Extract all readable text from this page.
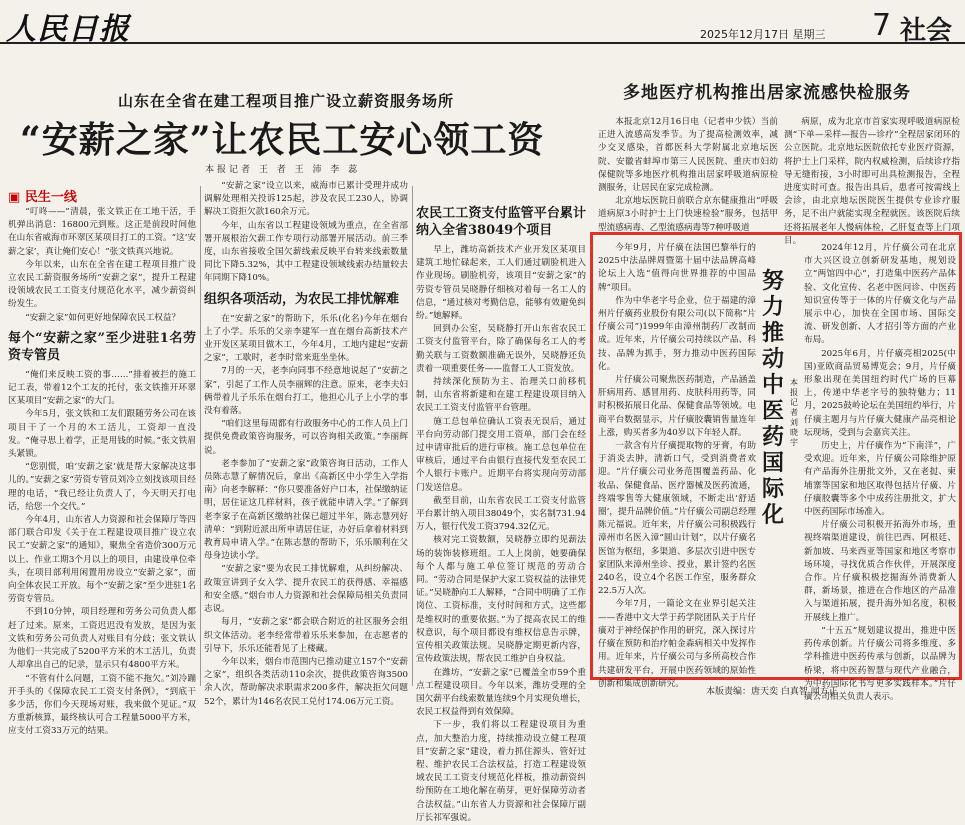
人民日报	2025年12月17日 星期三 7 社会
山东在全省在建工程项目推广设立薪资服务场所
“安薪之家”让农民工安心领工资
本报记者 王 者 王 沛 李 蕊
▣ 民生一线

“叮咚——”清晨，张文铁正在工地干活，手机弹出消息：16800元到账。这正是前段时间他在山东省威海市环翠区某项目打工的工资。“这‘安薪之家’，真让俺们安心！”张文铁真兴地说。

今年以来，山东在全省在建工程项目推广设立农民工薪资服务场所“安薪之家”，提升工程建设领域农民工工资支付规范化水平，减少薪资纠纷发生。

“安薪之家”如何更好地保障农民工权益？

每个“安薪之家”至少进驻1名劳资专管员

“俺们来反映工资的事……”排着被拦的施工记工表，带着12个工友的托付，张文铁推开环翠区某项目“安薪之家”的大门。

今年5月，张文铁和工友们跟随劳务公司在该项目干了一个月的木工活儿，工资却一直没发。“俺寻思上着学，正是用钱的时候。”张文铁眉头紧锁。

“您别慌，咱‘安薪之家’就是帮大家解决这事儿的。”安薪之家“劳资专管员刘冷立刻找该项目经理的电话，“我已经让负责人了，今天明天打电话，给您一个交代。”

今年4月，山东省人力资源和社会保障厅等四部门联合印发《关于在工程建设项目推广设立农民工“安薪之家”的通知》，聚焦全省造价300万元以上、作业工期3个月以上的项目，由建设单位牵头，在项目部利用闲置用房设立“安薪之家”，面向全体农民工开放。每个“安薪之家”至少进驻1名劳资专管员。

不到10分钟，项目经理和劳务公司负责人都赶了过来。原来，工资迟迟没有发放，是因为张文铁和劳务公司负责人对账目有分歧；张文铁认为他们一共完成了5200平方米的木工活儿，负责人却拿出自己的记录，显示只有4800平方米。

“不管有什么问题，工资不能不拖欠。”刘冷蹦开手头的《保障农民工工资支付条例》，“到底干多少活，你们今天现场对账，我来做个见证。”双方重新核算，最终核认可合工程量5000平方米，应支付工资33万元的结果。

“安薪之家”设立以来，威海市已累计受理并成功调解处理相关投诉125起，涉及农民工230人，协调解决工资拒欠款160余万元。

今年，山东省以工程建设领域为重点，在全省部署开展根治欠薪工作专项行动部署开展活动。前三季度，山东省接收全国欠薪线索反映平台转来线索数量同比下降5.32%，其中工程建设领域线索办结量较去年同期下降10%。

组织各项活动，为农民工排忧解难

在“安薪之家”的帮助下，乐乐(化名)今年在烟台上了小学。乐乐的父亲李建军一直在烟台高新技术产业开发区某项目做木工，今年4月，工地内建起“安薪之家”，工歇时，老李时常来逛坐坐休。

7月的一天，老李向同事不经意地说起了“安薪之家”，引起了工作人员李丽辉的注意。原来，老李夫妇俩带着儿子乐乐在烟台打工，他担心儿子上小学的事没有着落。

“咱们这里每周都有行政服务中心的工作人员上门提供免费政策咨询服务，可以咨询相关政策。”李丽辉说。

老李参加了“安薪之家”政策咨询日活动，工作人员陈志慧了解情况后，拿出《高新区中小学生入学指南》向老李解释：“你只要准备好户口本，社保缴纳证明，居住证这几样材料，孩子就能申请入学。”了解到老李家子在高新区缴纳社保已超过半年，陈志慧列好清单：“到附近派出所申请居住证，办好后拿着材料到教育局申请入学。”在陈志慧的帮助下，乐乐顺利在父母身边读小学。

“安薪之家”要为农民工排忧解难，从纠纷解决、政策宣讲到子女入学、提升农民工的获得感、幸福感和安全感。”烟台市人力资源和社会保障局相关负责同志说。

每月，“安薪之家”都会联合附近的社区服务会组织文体活动。老李经常带着乐乐来参加，在志愿者的引导下，乐乐还能看见了上楼藏。

今年以来，烟台市范围内已推动建立157个“安薪之家”，组织各类活动110余次，提供政策咨询3500余人次，帮助解决求职需求200多件，解决拒欠问题52个，累计为146名农民工兑付174.06万元工资。

农民工工资支付监管平台累计纳入全省38049个项目

早上，潍坊高新技术产业开发区某项目建筑工地忙碌起来，工人们通过刷脸机进入作业现场。刷脸机旁，该项目“安薪之家”的劳资专管员吴晓静仔细核对着每一名工人的信息，“通过核对考勤信息，能够有效避免纠纷。”她解释。

回到办公室，吴晓静打开山东省农民工工资支付监管平台，除了确保每名工人的考勤关联与工资数额准确无误外，吴晓静还负责着一项重要任务——监督工人工资发放。

持续深化预防为主、治理关口前移机制，山东省将新建和在建工程建设项目纳入农民工工资支付监管平台管理。

施工总包单位确认工资表无误后，通过平台向劳动部门提交用工资单，部门会在经过申请审批后的进行审核。施工总包单位在审核后，通过平台由银行直接代发至农民工个人银行卡账户。近期平台将实现向劳动部门发送信息。

截至目前，山东省农民工工资支付监管平台累计纳入项目38049个，实名制731.94万人，银行代发工资3794.32亿元。

核对完工资数额，吴晓静立即约见薪法场的装饰装修班组。工人上岗前，她要确保每个人都与施工单位签订规范的劳动合同。“劳动合同是保护大家工资权益的法律凭证。”吴晓静向工人解释，“合同中明确了工作岗位、工资标准，支付时间和方式，这些都是维权时的重要依据。”为了提高农民工的维权意识，每个项目都设有维权信息告示牌，宣传相关政策法规。吴晓静定期更新内容，宣传政策法规，帮农民工维护自身权益。

在潍坊，“安薪之家”已覆盖全市59个重点工程建设项目。今年以来，潍坊受理的全国欠薪平台线索数量连续9个月实现负增长，农民工权益得到有效保障。

下一步，我们将以工程建设项目为重点，加大整治力度，持续推动设立健工程项目“安薪之家”建设，着力抓住源头、管好过程、维护农民工合法权益，打造工程建设领域农民工工资支付规范化样板，推动薪资纠纷预防在工地化解在萌芽，更好保障劳动者合法权益。”山东省人力资源和社会保障厅副厅长祁军强说。

多地医疗机构推出居家流感快检服务

本报北京12月16日电（记者申少铁）当前正进入流感高发季节。为了提高检测效率，减少交叉感染，首都医科大学附属北京地坛医院、安徽省蚌埠市第三人民医院、重庆市妇幼保健院等多地医疗机构推出居家呼吸道病原检测服务，让居民在家完成检测。

北京地坛医院日前联合京东健康推出“呼吸道病原3小时护士上门快速检验”服务，包括甲型流感病毒、乙型流感病毒等7种呼吸道

病原，成为北京市首家实现呼吸道病原检测“下单—采样—报告—诊疗”全程居家闭环的公立医院。北京地坛医院依托专业医疗资源，将护士上门采样，院内权威检测，后续诊疗指导无缝衔接，3小时即可出具检测报告，全程进度实时可查。报告出具后，患者可按需线上会诊，由北京地坛医院医生提供专业诊疗服务，足不出户就能实现全程就医。该医院后续还将拓展老年人慢病体检，乙肝复查等上门项目。

今年9月，片仔癀在法国巴黎举行的2025中法品牌周暨第十届中法品牌高峰论坛上入选“值得向世界推荐的中国品牌”项目。

作为中华老字号企业，位于福建的漳州片仔癀药业股份有限公司(以下简称“片仔癀公司”)1999年由漳州制药厂改制而成。近年来，片仔癀公司持续以产品、科技、品牌为抓手，努力推动中医药国际化。

片仔癀公司聚焦医药制造，产品涵盖肝病用药、感冒用药、皮肤科用药等，同时积极拓展日化品、保健食品等领域。电商平台数据显示，片仔癀胶囊销售量连年上涨，购买者多为40岁以下年轻人群。

一款含有片仔癀提取物的牙膏，有助于消炎去肿，清新口气，受到消费者欢迎。“片仔癀公司业务范围覆盖药品、化妆品、保健食品、医疗器械及医药流通，终端零售等大健康领域，不断走出‘舒适圈’，提升品牌价值。”片仔癀公司副总经理陈元福说。近年来，片仔癀公司积极践行漳州市名医入漳“圆山计划”，以片仔癀名医馆为枢纽，多渠道、多层次引进中医专家团队来漳州坐诊、授业，累计签约名医240名，设立4个名医工作室，服务群众22.5万人次。

今年7月，一篇论文在业界引起关注——香港中文大学于药学院团队关于片仔癀对于神经保护作用的研究，深入探讨片仔癀在预防和治疗帕金森病相关中发挥作用。近年来，片仔癀公司与多所高校合作共建研发平台，开展中医药领域的原始性创新和集成创新研究。

努力推动中医药国际化
本报记者 刘晓宇

2024年12月，片仔癀公司在北京市大兴区设立创新研发基地，规划设立“两馆四中心”，打造集中医药产品体验、文化宣传、名老中医问诊、中医药知识宣传等于一体的片仔癀文化与产品展示中心，加快在全国市场、国际交流、研发创新、人才招引等方面的产业布局。

2025年6月，片仔癀亮相2025(中国)亚欧商品贸易博览会；9月，片仔癀形象出现在美国纽约时代广场的巨幕上，传递中华老字号的独特魅力；11月，2025鼓岭论坛在美国纽约举行，片仔癀主题月与片仔癀大健康产品亮相论坛现场，受到与会嘉宾关注。

历史上，片仔癀作为“下南洋”，广受欢迎。近年来，片仔癀公司除维护原有产品海外注册批文外，又在老挝、柬埔寨等国家和地区取得包括片仔癀、片仔癀胶囊等多个中成药注册批文，扩大中医药国际市场准入。

片仔癀公司积极开拓海外市场，重视终端渠道建设，前往巴西、阿根廷、新加坡、马来西亚等国家和地区考察市场环境，寻找优质合作伙伴，开展深度合作。片仔癀积极挖掘海外消费新人群，新场景，推进在合作地区的产品准入与渠道拓展，提升海外知名度，积极开展线上推广。

“十五五”规划建议提出，推进中医药传承创新。片仔癀公司将多维度、多学科推进中医药传承与创新，以品牌为桥梁，将中医药智慧与现代产业融合，为中药国际化书写更多实践样本。”片仔癀公司相关负责人表示。

本版责编：唐天奕 白真智 闻方正
